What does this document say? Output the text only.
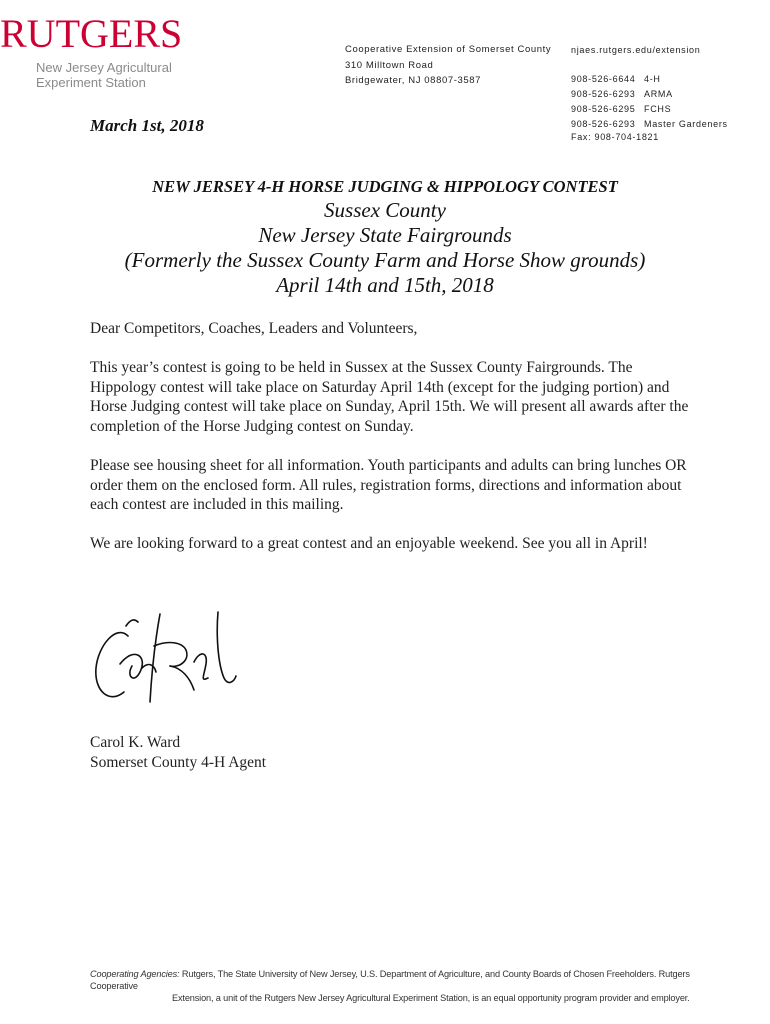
RUTGERS
New Jersey Agricultural
Experiment Station
Cooperative Extension of Somerset County
310 Milltown Road
Bridgewater, NJ 08807-3587
njaes.rutgers.edu/extension
908-526-6644 4-H
908-526-6293 ARMA
908-526-6295 FCHS
908-526-6293 Master Gardeners
Fax: 908-704-1821
March 1st, 2018
NEW JERSEY 4-H HORSE JUDGING & HIPPOLOGY CONTEST
Sussex County
New Jersey State Fairgrounds
(Formerly the Sussex County Farm and Horse Show grounds)
April 14th and 15th, 2018

Dear Competitors, Coaches, Leaders and Volunteers,

This year’s contest is going to be held in Sussex at the Sussex County Fairgrounds. The Hippology contest will take place on Saturday April 14th (except for the judging portion) and Horse Judging contest will take place on Sunday, April 15th. We will present all awards after the completion of the Horse Judging contest on Sunday.

Please see housing sheet for all information. Youth participants and adults can bring lunches OR order them on the enclosed form. All rules, registration forms, directions and information about each contest are included in this mailing.

We are looking forward to a great contest and an enjoyable weekend. See you all in April!

Carol K. Ward
Somerset County 4-H Agent
Cooperating Agencies: Rutgers, The State University of New Jersey, U.S. Department of Agriculture, and County Boards of Chosen Freeholders. Rutgers Cooperative
Extension, a unit of the Rutgers New Jersey Agricultural Experiment Station, is an equal opportunity program provider and employer.
